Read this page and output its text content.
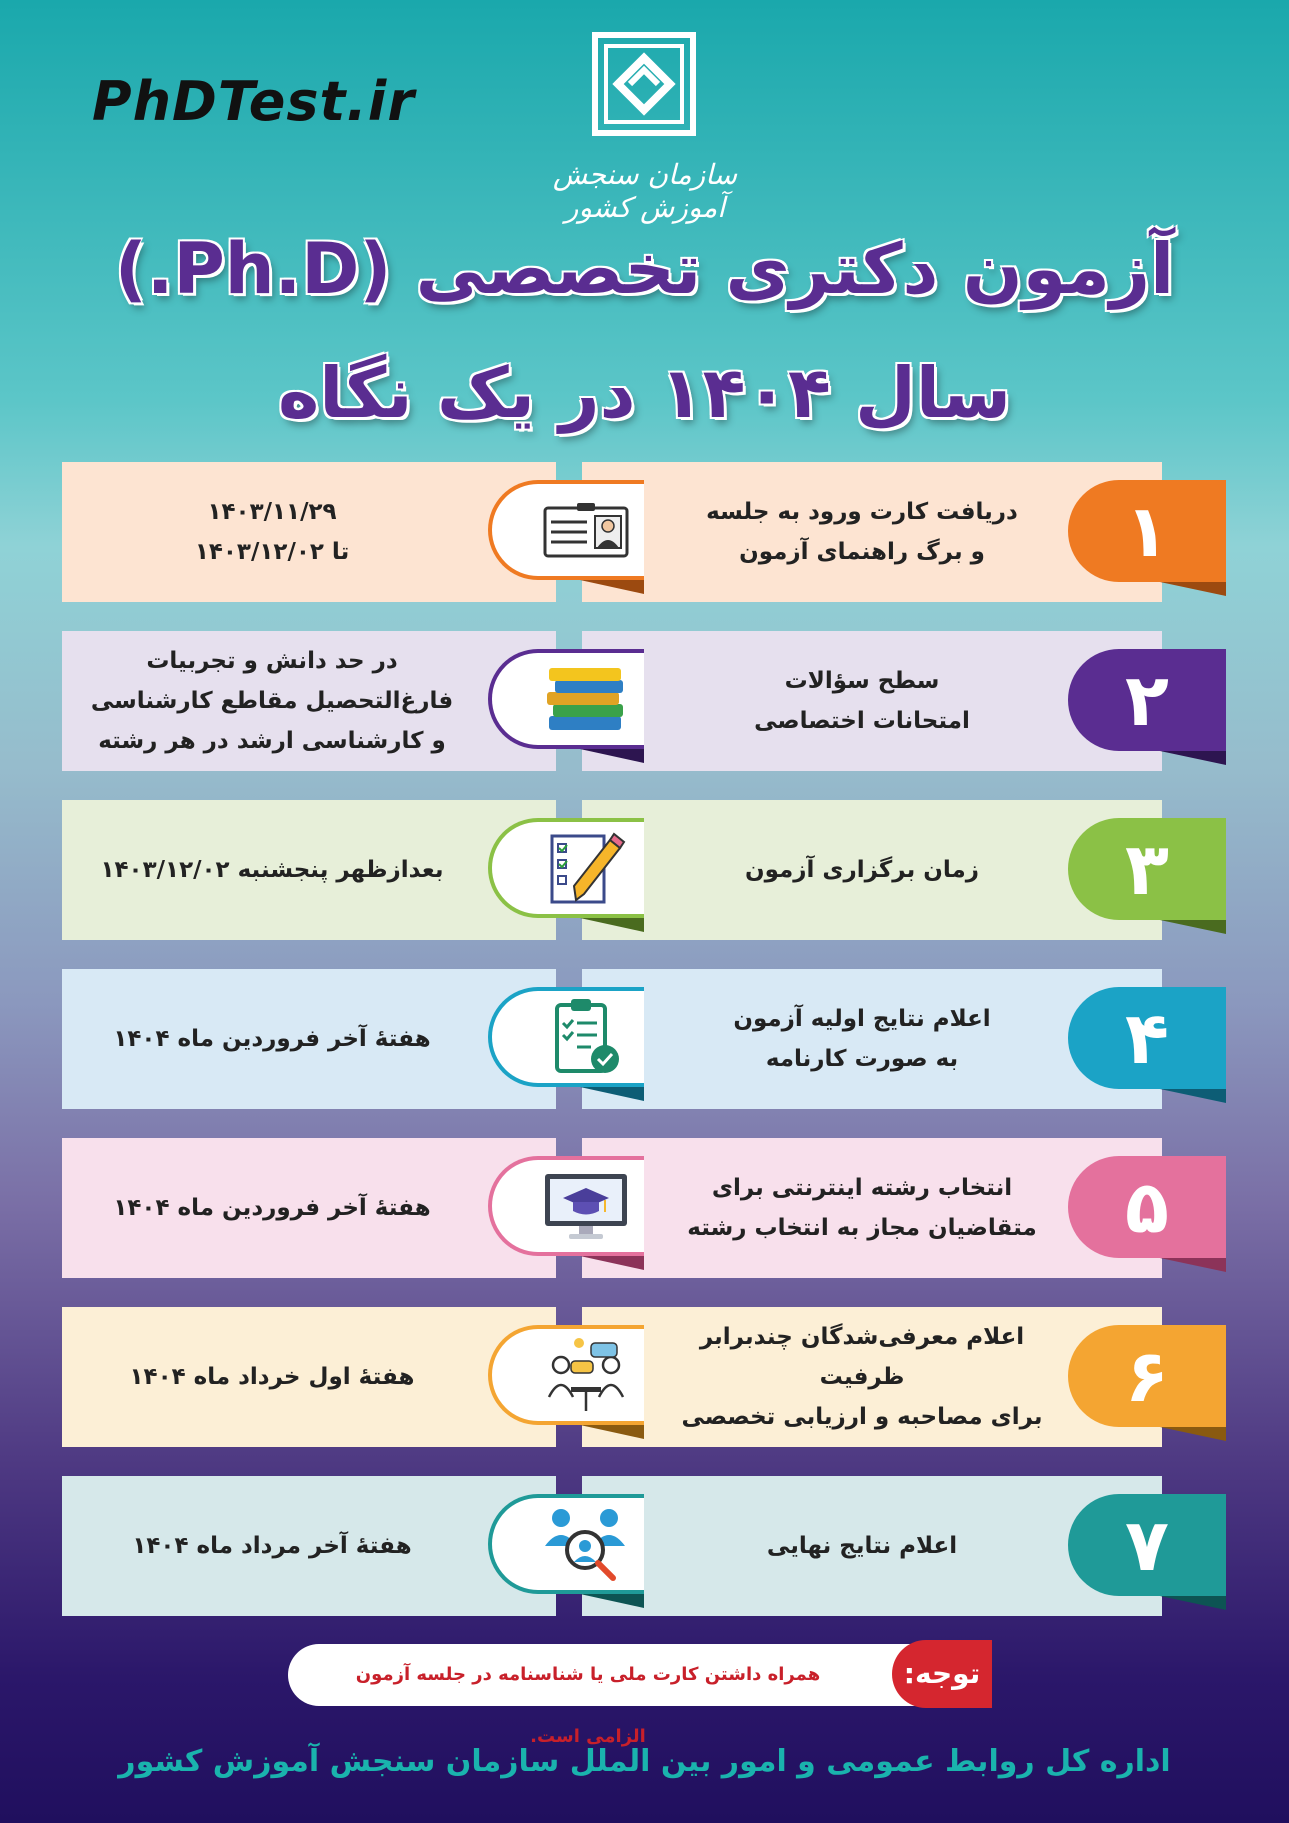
PhDTest.ir
سازمان سنجش آموزش کشور
آزمون دکتری تخصصی (Ph.D.)
سال ۱۴۰۴ در یک نگاه
۱۴۰۳/۱۱/۲۹
تا ۱۴۰۳/۱۲/۰۲
دریافت کارت ورود به جلسه
و برگ راهنمای آزمون	۱
در حد دانش و تجربیات
فارغ‌التحصیل مقاطع کارشناسی
و کارشناسی ارشد در هر رشته
سطح سؤالات
امتحانات اختصاصی	۲
بعدازظهر پنجشنبه ۱۴۰۳/۱۲/۰۲	زمان برگزاری آزمون	۳
هفتهٔ آخر فروردین ماه ۱۴۰۴
اعلام نتایج اولیه آزمون
به صورت کارنامه	۴
هفتهٔ آخر فروردین ماه ۱۴۰۴
انتخاب رشته اینترنتی برای
متقاضیان مجاز به انتخاب رشته	۵
هفتهٔ اول خرداد ماه ۱۴۰۴
اعلام معرفی‌شدگان چندبرابر ظرفیت
برای مصاحبه و ارزیابی تخصصی	۶
هفتهٔ آخر مرداد ماه ۱۴۰۴	اعلام نتایج نهایی	۷
همراه داشتن کارت ملی یا شناسنامه در جلسه آزمون الزامی است.
توجه:
اداره کل روابط عمومی و امور بین الملل سازمان سنجش آموزش کشور
